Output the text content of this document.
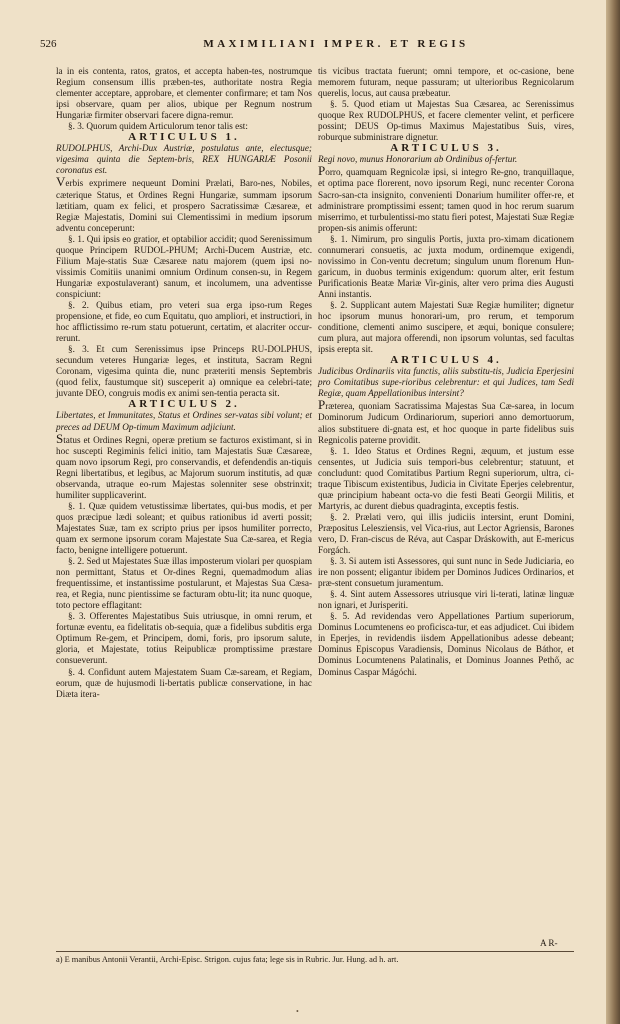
526	MAXIMILIANI IMPER. ET REGIS

la in eis contenta, ratos, gratos, et accepta haben-tes, nostrumque Regium consensum illis præben-tes, authoritate nostra Regia clementer acceptare, approbare, et clementer confirmare; et tam Nos ipsi observare, quam per alios, ubique per Regnum nostrum Hungariæ firmiter observari facere digna-remur.

§. 3. Quorum quidem Articulorum tenor talis est:

ARTICULUS 1.

RUDOLPHUS, Archi-Dux Austriæ, postulatus ante, electusque; vigesima quinta die Septem-bris, REX HUNGARIÆ Posonii coronatus est.

Verbis exprimere nequeunt Domini Prælati, Baro-nes, Nobiles, cæterique Status, et Ordines Regni Hungariæ, summam ipsorum lætitiam, quam ex felici, et prospero Sacratissimæ Cæsareæ, et Regiæ Majestatis, Domini sui Clementissimi in medium ipsorum adventu conceperunt:

§. 1. Qui ipsis eo gratior, et optabilior accidit; quod Serenissimum quoque Principem RUDOL-PHUM; Archi-Ducem Austriæ, etc. Filium Maje-statis Suæ Cæsareæ natu majorem (quem ipsi no-vissimis Comitiis unanimi omnium Ordinum consen-su, in Regem Hungariæ expostulaverant) sanum, et incolumem, una adventisse conspiciunt:

§. 2. Quibus etiam, pro veteri sua erga ipso-rum Reges propensione, et fide, eo cum Equitatu, quo ampliori, et instructiori, in hoc afflictissimo re-rum statu potuerunt, certatim, et alacriter occur-rerunt.

§. 3. Et cum Serenissimus ipse Princeps RU-DOLPHUS, secundum veteres Hungariæ leges, et instituta, Sacram Regni Coronam, vigesima quinta die, nunc præteriti mensis Septembris (quod felix, faustumque sit) susceperit a) omnique ea celebri-tate; juvante DEO, congruis modis ex animi sen-tentia peracta sit.

ARTICULUS 2.

Libertates, et Immunitates, Status et Ordines ser-vatas sibi volunt; et preces ad DEUM Op-timum Maximum adjiciunt.

Status et Ordines Regni, operæ pretium se facturos existimant, si in hoc suscepti Regiminis felici initio, tam Majestatis Suæ Cæsareæ, quam novo ipsorum Regi, pro conservandis, et defendendis an-tiquis Regni libertatibus, et legibus, ac Majorum suorum institutis, ad quæ observanda, utraque eo-rum Majestas solenniter sese obstrinxit; humiliter supplicaverint.

§. 1. Quæ quidem vetustissimæ libertates, qui-bus modis, et per quos præcipue lædi soleant; et quibus rationibus id averti possit; Majestates Suæ, tam ex scripto prius per ipsos humiliter porrecto, quam ex sermone ipsorum coram Majestate Sua Cæ-sarea, et Regia facto, benigne intelligere potuerunt.

§. 2. Sed ut Majestates Suæ illas imposterum violari per quospiam non permittant, Status et Or-dines Regni, quemadmodum alias frequentissime, et instantissime postularunt, et Majestas Sua Cæsa-rea, et Regia, nunc pientissime se facturam obtu-lit; ita nunc quoque, toto pectore efflagitant:

§. 3. Offerentes Majestatibus Suis utriusque, in omni rerum, et fortunæ eventu, ea fidelitatis ob-sequia, quæ a fidelibus subditis erga Optimum Re-gem, et Principem, domi, foris, pro ipsorum salute, gloria, et Majestate, totius Reipublicæ promptissime præstare consueverunt.

§. 4. Confidunt autem Majestatem Suam Cæ-saream, et Regiam, eorum, quæ de hujusmodi li-bertatis publicæ conservatione, in hac Diæta itera-

tis vicibus tractata fuerunt; omni tempore, et oc-casione, bene memorem futuram, neque passuram; ut ulterioribus Regnicolarum querelis, locus, aut causa præbeatur.

§. 5. Quod etiam ut Majestas Sua Cæsarea, ac Serenissimus quoque Rex RUDOLPHUS, et facere clementer velint, et perficere possint; DEUS Op-timus Maximus Majestatibus Suis, vires, roburque subministrare dignetur.

ARTICULUS 3.

Regi novo, munus Honorarium ab Ordinibus of-fertur.

Porro, quamquam Regnicolæ ipsi, si integro Re-gno, tranquillaque, et optima pace florerent, novo ipsorum Regi, nunc recenter Corona Sacro-san-cta insignito, convenienti Donarium humiliter offer-re, et administrare promptissimi essent; tamen quod in hoc rerum suarum miserrimo, et turbulentissi-mo statu fieri potest, Majestati Suæ Regiæ propen-sis animis offerunt:

§. 1. Nimirum, pro singulis Portis, juxta pro-ximam dicationem connumerari consuetis, ac juxta modum, ordinemque exigendi, novissimo in Con-ventu decretum; singulum unum florenum Hun-garicum, in duobus terminis exigendum: quorum alter, erit festum Purificationis Beatæ Mariæ Vir-ginis, alter vero prima dies Augusti Anni instantis.

§. 2. Supplicant autem Majestati Suæ Regiæ humiliter; dignetur hoc ipsorum munus honorari-um, pro rerum, et temporum conditione, clementi animo suscipere, et æqui, bonique consulere; cum plura, aut majora offerendi, non ipsorum voluntas, sed facultas ipsis erepta sit.

ARTICULUS 4.

Judicibus Ordinariis vita functis, aliis substitu-tis, Judicia Eperjesini pro Comitatibus supe-rioribus celebrentur: et qui Judices, tam Sedi Regiæ, quam Appellationibus intersint?

Præterea, quoniam Sacratissima Majestas Sua Cæ-sarea, in locum Dominorum Judicum Ordinariorum, superiori anno demortuorum, alios substituere di-gnata est, et hoc quoque in parte fidelibus suis Regnicolis paterne providit.

§. 1. Ideo Status et Ordines Regni, æquum, et justum esse censentes, ut Judicia suis tempori-bus celebrentur; statuunt, et concludunt: quod Comitatibus Partium Regni superiorum, ultra, ci-traque Tibiscum existentibus, Judicia in Civitate Eperjes celebrentur, quæ principium habeant octa-vo die festi Beati Georgii Militis, et Martyris, ac durent diebus quadraginta, exceptis festis.

§. 2. Prælati vero, qui illis judiciis intersint, erunt Domini, Præpositus Lelesziensis, vel Vica-rius, aut Lector Agriensis, Barones vero, D. Fran-ciscus de Réva, aut Caspar Dráskowith, aut E-mericus Forgách.

§. 3. Si autem isti Assessores, qui sunt nunc in Sede Judiciaria, eo ire non possent; eligantur ibidem per Dominos Judices Ordinarios, et præ-stent consuetum juramentum.

§. 4. Sint autem Assessores utriusque viri li-terati, latinæ linguæ non ignari, et Jurisperiti.

§. 5. Ad revidendas vero Appellationes Partium superiorum, Dominus Locumtenens eo proficisca-tur, et eas adjudicet. Cui ibidem in Eperjes, in revidendis iisdem Appellationibus adesse debeant; Dominus Episcopus Varadiensis, Dominus Nicolaus de Báthor, et Dominus Locumtenens Palatinalis, et Dominus Joannes Pethő, ac Dominus Caspar Mágóchi.

A R-
a) E manibus Antonii Verantii, Archi-Episc. Strigon. cujus fata; lege sis in Rubric. Jur. Hung. ad h. art.
•
